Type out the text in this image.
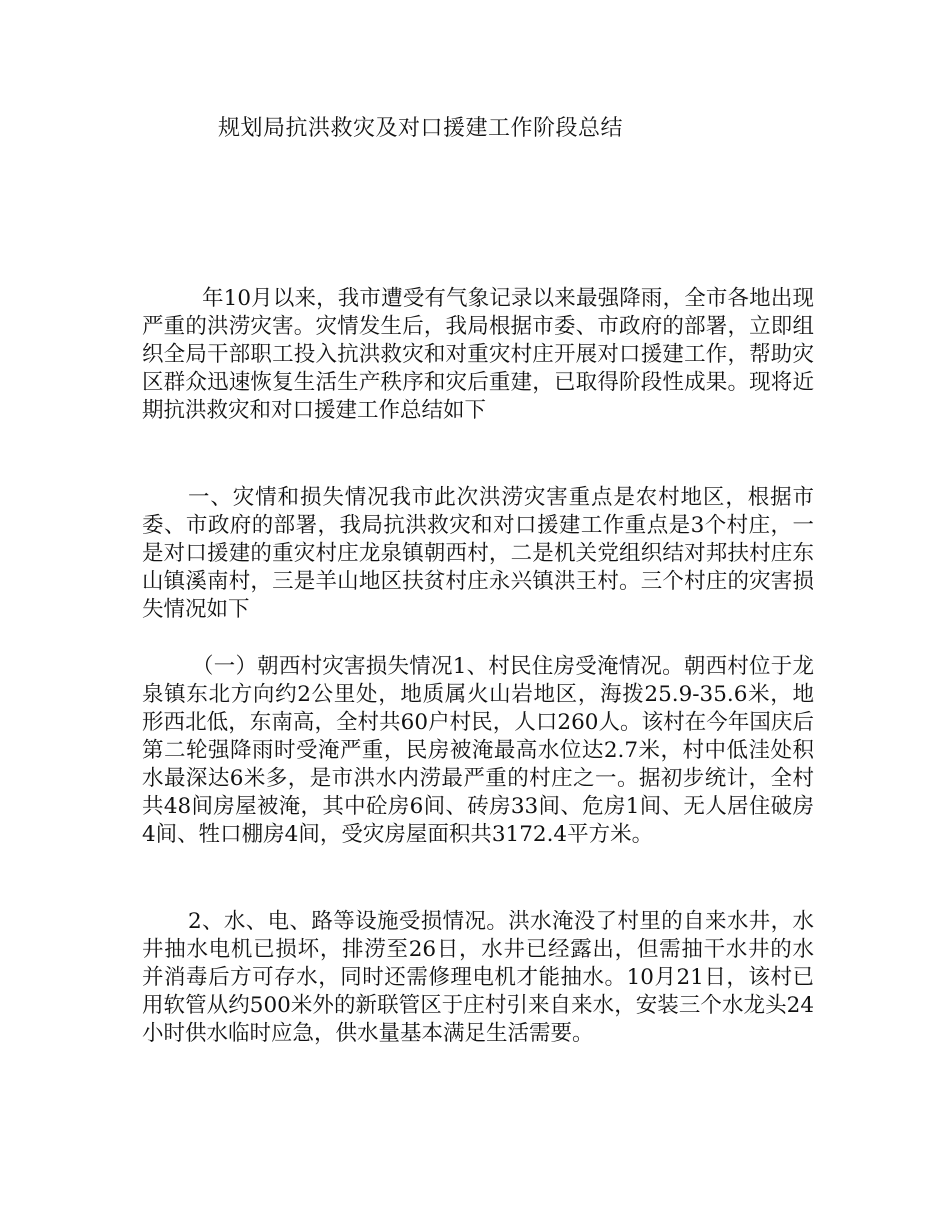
规划局抗洪救灾及对口援建工作阶段总结

年10月以来，我市遭受有气象记录以来最强降雨，全市各地出现严重的洪涝灾害。灾情发生后，我局根据市委、市政府的部署，立即组织全局干部职工投入抗洪救灾和对重灾村庄开展对口援建工作，帮助灾区群众迅速恢复生活生产秩序和灾后重建，已取得阶段性成果。现将近期抗洪救灾和对口援建工作总结如下

一、灾情和损失情况我市此次洪涝灾害重点是农村地区，根据市委、市政府的部署，我局抗洪救灾和对口援建工作重点是3个村庄，一是对口援建的重灾村庄龙泉镇朝西村，二是机关党组织结对邦扶村庄东山镇溪南村，三是羊山地区扶贫村庄永兴镇洪王村。三个村庄的灾害损失情况如下

（一）朝西村灾害损失情况1、村民住房受淹情况。朝西村位于龙泉镇东北方向约2公里处，地质属火山岩地区，海拨25.9-35.6米，地形西北低，东南高，全村共60户村民，人口260人。该村在今年国庆后第二轮强降雨时受淹严重，民房被淹最高水位达2.7米，村中低洼处积水最深达6米多，是市洪水内涝最严重的村庄之一。据初步统计，全村共48间房屋被淹，其中砼房6间、砖房33间、危房1间、无人居住破房4间、牲口棚房4间，受灾房屋面积共3172.4平方米。

2、水、电、路等设施受损情况。洪水淹没了村里的自来水井，水井抽水电机已损坏，排涝至26日，水井已经露出，但需抽干水井的水并消毒后方可存水，同时还需修理电机才能抽水。10月21日，该村已用软管从约500米外的新联管区于庄村引来自来水，安装三个水龙头24小时供水临时应急，供水量基本满足生活需要。
